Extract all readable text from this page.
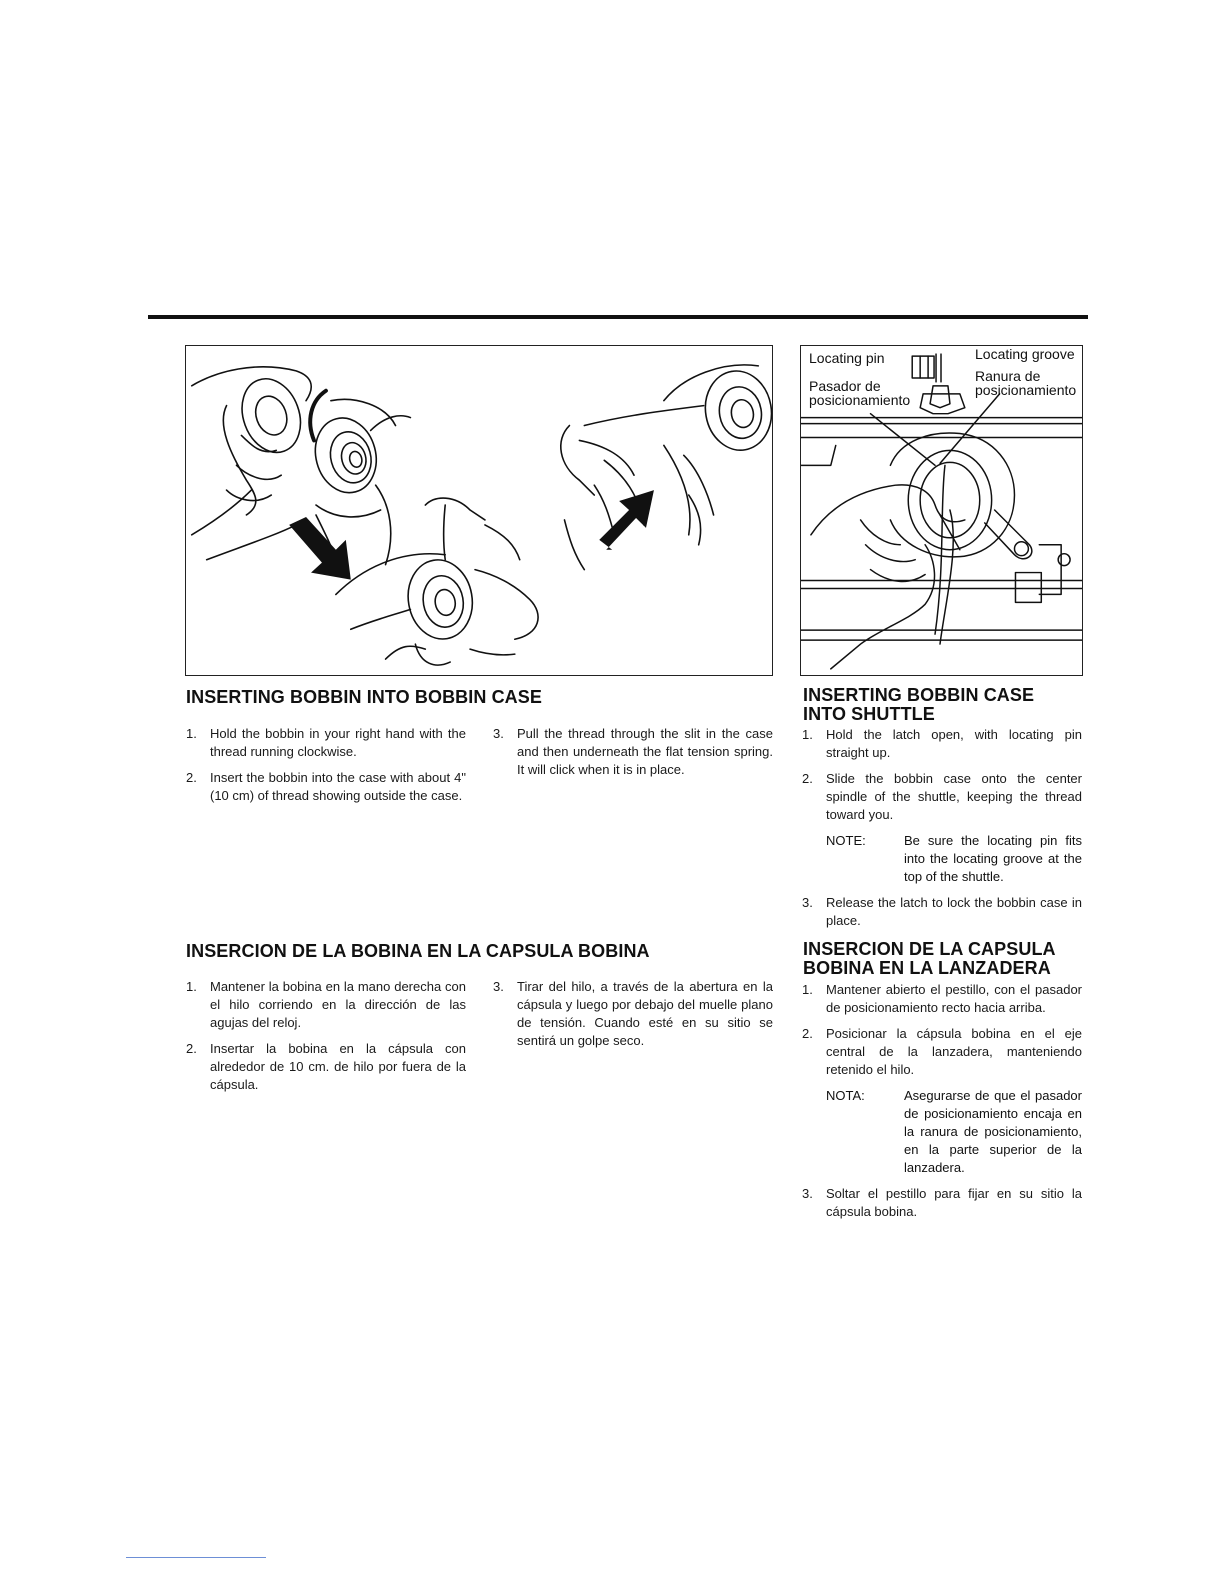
Locating pin
Pasador de
posicionamiento
Locating groove
Ranura de
posicionamiento
INSERTING BOBBIN INTO BOBBIN CASE
1. Hold the bobbin in your right hand with the thread running clockwise.
2. Insert the bobbin into the case with about 4" (10 cm) of thread showing outside the case.
3. Pull the thread through the slit in the case and then underneath the flat tension spring. It will click when it is in place.
INSERTING BOBBIN CASE
INTO SHUTTLE
1. Hold the latch open, with locating pin straight up.
2. Slide the bobbin case onto the center spindle of the shuttle, keeping the thread toward you.
NOTE:	Be sure the locating pin fits into the locating groove at the top of the shuttle.
3. Release the latch to lock the bobbin case in place.
INSERCION DE LA BOBINA EN LA CAPSULA BOBINA
1. Mantener la bobina en la mano derecha con el hilo corriendo en la dirección de las agujas del reloj.
2. Insertar la bobina en la cápsula con alrededor de 10 cm. de hilo por fuera de la cápsula.
3. Tirar del hilo, a través de la abertura en la cápsula y luego por debajo del muelle plano de tensión. Cuando esté en su sitio se sentirá un golpe seco.
INSERCION DE LA CAPSULA
BOBINA EN LA LANZADERA
1. Mantener abierto el pestillo, con el pasador de posicionamiento recto hacia arriba.
2. Posicionar la cápsula bobina en el eje central de la lanzadera, manteniendo retenido el hilo.
NOTA:	Asegurarse de que el pasador de posicionamiento encaja en la ranura de posicionamiento, en la parte superior de la lanzadera.
3. Soltar el pestillo para fijar en su sitio la cápsula bobina.
